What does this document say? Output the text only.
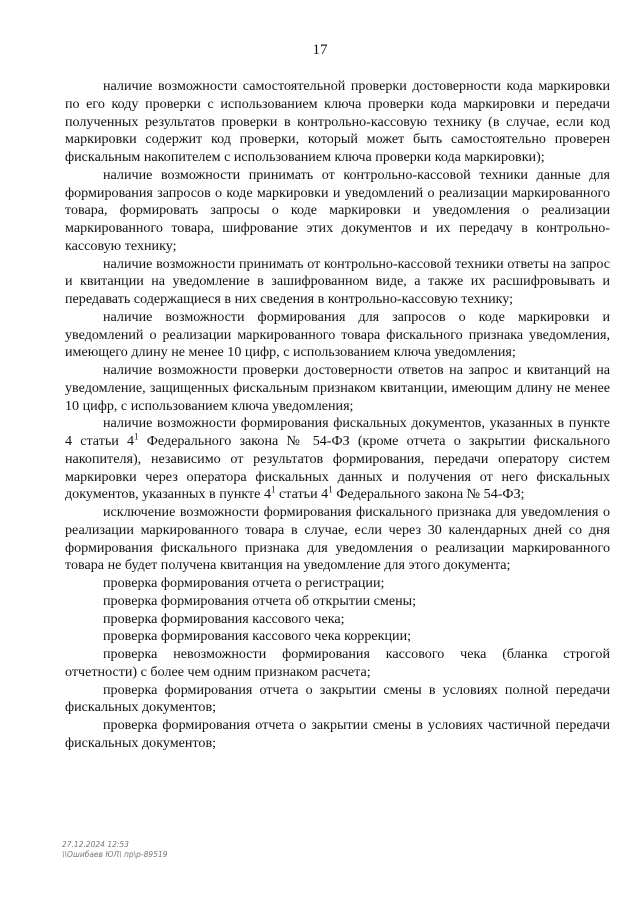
17

наличие возможности самостоятельной проверки достоверности кода маркировки по его коду проверки с использованием ключа проверки кода маркировки и передачи полученных результатов проверки в контрольно-кассовую технику (в случае, если код маркировки содержит код проверки, который может быть самостоятельно проверен фискальным накопителем с использованием ключа проверки кода маркировки);

наличие возможности принимать от контрольно-кассовой техники данные для формирования запросов о коде маркировки и уведомлений о реализации маркированного товара, формировать запросы о коде маркировки и уведомления о реализации маркированного товара, шифрование этих документов и их передачу в контрольно-кассовую технику;

наличие возможности принимать от контрольно-кассовой техники ответы на запрос и квитанции на уведомление в зашифрованном виде, а также их расшифровывать и передавать содержащиеся в них сведения в контрольно-кассовую технику;

наличие возможности формирования для запросов о коде маркировки и уведомлений о реализации маркированного товара фискального признака уведомления, имеющего длину не менее 10 цифр, с использованием ключа уведомления;

наличие возможности проверки достоверности ответов на запрос и квитанций на уведомление, защищенных фискальным признаком квитанции, имеющим длину не менее 10 цифр, с использованием ключа уведомления;

наличие возможности формирования фискальных документов, указанных в пункте 4 статьи $4^1$ Федерального закона № 54-ФЗ (кроме отчета о закрытии фискального накопителя), независимо от результатов формирования, передачи оператору систем маркировки через оператора фискальных данных и получения от него фискальных документов, указанных в пункте $4^1$ статьи $4^1$ Федерального закона № 54-ФЗ;

исключение возможности формирования фискального признака для уведомления о реализации маркированного товара в случае, если через 30 календарных дней со дня формирования фискального признака для уведомления о реализации маркированного товара не будет получена квитанция на уведомление для этого документа;

проверка формирования отчета о регистрации;

проверка формирования отчета об открытии смены;

проверка формирования кассового чека;

проверка формирования кассового чека коррекции;

проверка невозможности формирования кассового чека (бланка строгой отчетности) с более чем одним признаком расчета;

проверка формирования отчета о закрытии смены в условиях полной передачи фискальных документов;

проверка формирования отчета о закрытии смены в условиях частичной передачи фискальных документов;

27.12.2024 12:53
\\Ошибаев ЮЛ\ пр\р-89519
